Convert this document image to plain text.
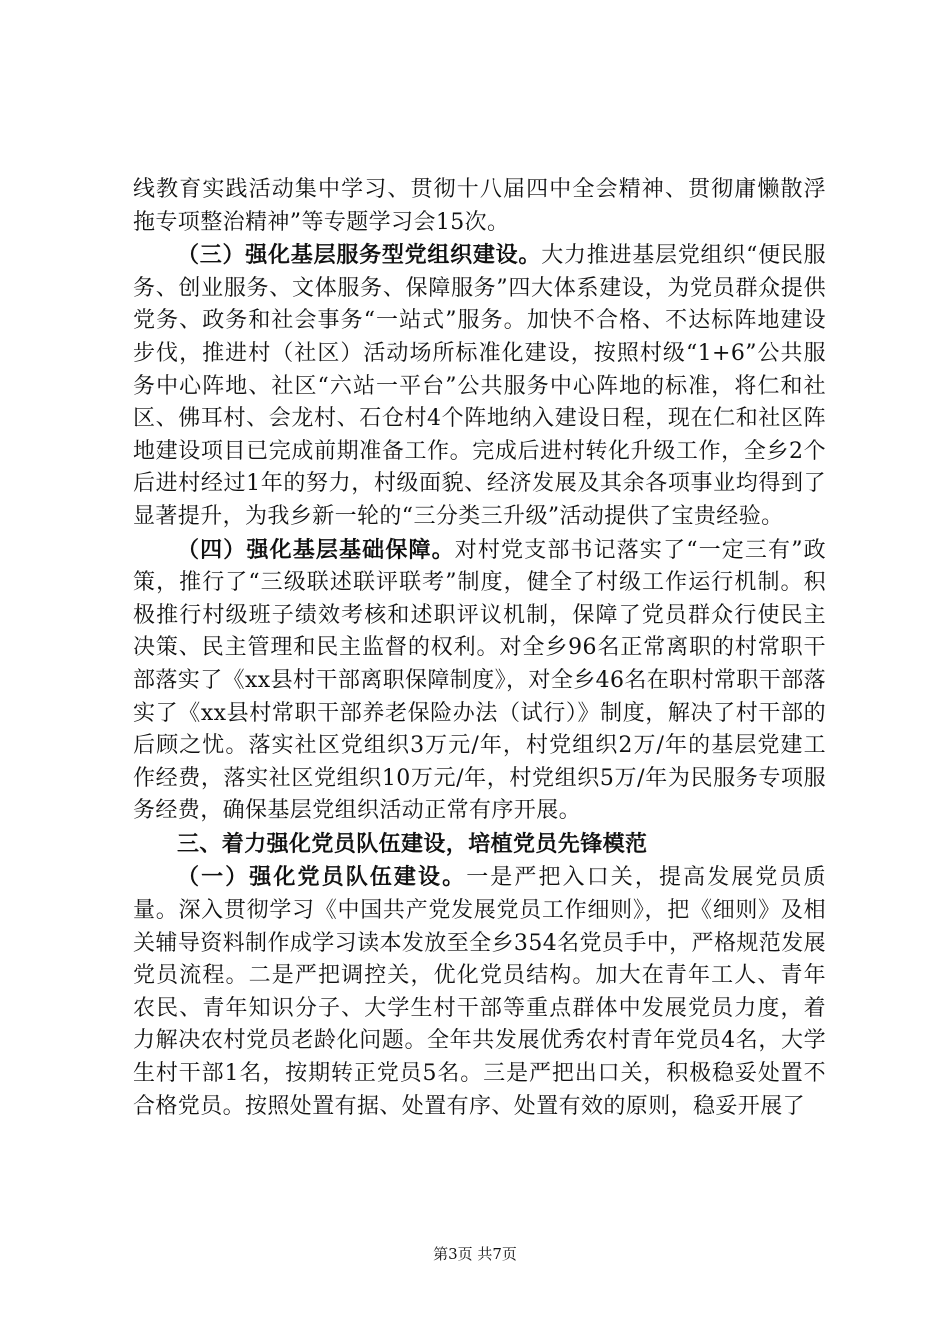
线教育实践活动集中学习、贯彻十八届四中全会精神、贯彻庸懒散浮拖专项整治精神”等专题学习会15次。

（三）强化基层服务型党组织建设。大力推进基层党组织“便民服务、创业服务、文体服务、保障服务”四大体系建设，为党员群众提供党务、政务和社会事务“一站式”服务。加快不合格、不达标阵地建设步伐，推进村（社区）活动场所标准化建设，按照村级“1+6”公共服务中心阵地、社区“六站一平台”公共服务中心阵地的标准，将仁和社区、佛耳村、会龙村、石仓村4个阵地纳入建设日程，现在仁和社区阵地建设项目已完成前期准备工作。完成后进村转化升级工作，全乡2个后进村经过1年的努力，村级面貌、经济发展及其余各项事业均得到了显著提升，为我乡新一轮的“三分类三升级”活动提供了宝贵经验。

（四）强化基层基础保障。对村党支部书记落实了“一定三有”政策，推行了“三级联述联评联考”制度，健全了村级工作运行机制。积极推行村级班子绩效考核和述职评议机制，保障了党员群众行使民主决策、民主管理和民主监督的权利。对全乡96名正常离职的村常职干部落实了《xx县村干部离职保障制度》，对全乡46名在职村常职干部落实了《xx县村常职干部养老保险办法（试行）》制度，解决了村干部的后顾之忧。落实社区党组织3万元/年，村党组织2万/年的基层党建工作经费，落实社区党组织10万元/年，村党组织5万/年为民服务专项服务经费，确保基层党组织活动正常有序开展。

三、着力强化党员队伍建设，培植党员先锋模范

（一）强化党员队伍建设。一是严把入口关，提高发展党员质量。深入贯彻学习《中国共产党发展党员工作细则》，把《细则》及相关辅导资料制作成学习读本发放至全乡354名党员手中，严格规范发展党员流程。二是严把调控关，优化党员结构。加大在青年工人、青年农民、青年知识分子、大学生村干部等重点群体中发展党员力度，着力解决农村党员老龄化问题。全年共发展优秀农村青年党员4名，大学生村干部1名，按期转正党员5名。三是严把出口关，积极稳妥处置不合格党员。按照处置有据、处置有序、处置有效的原则，稳妥开展了

第3页 共7页
